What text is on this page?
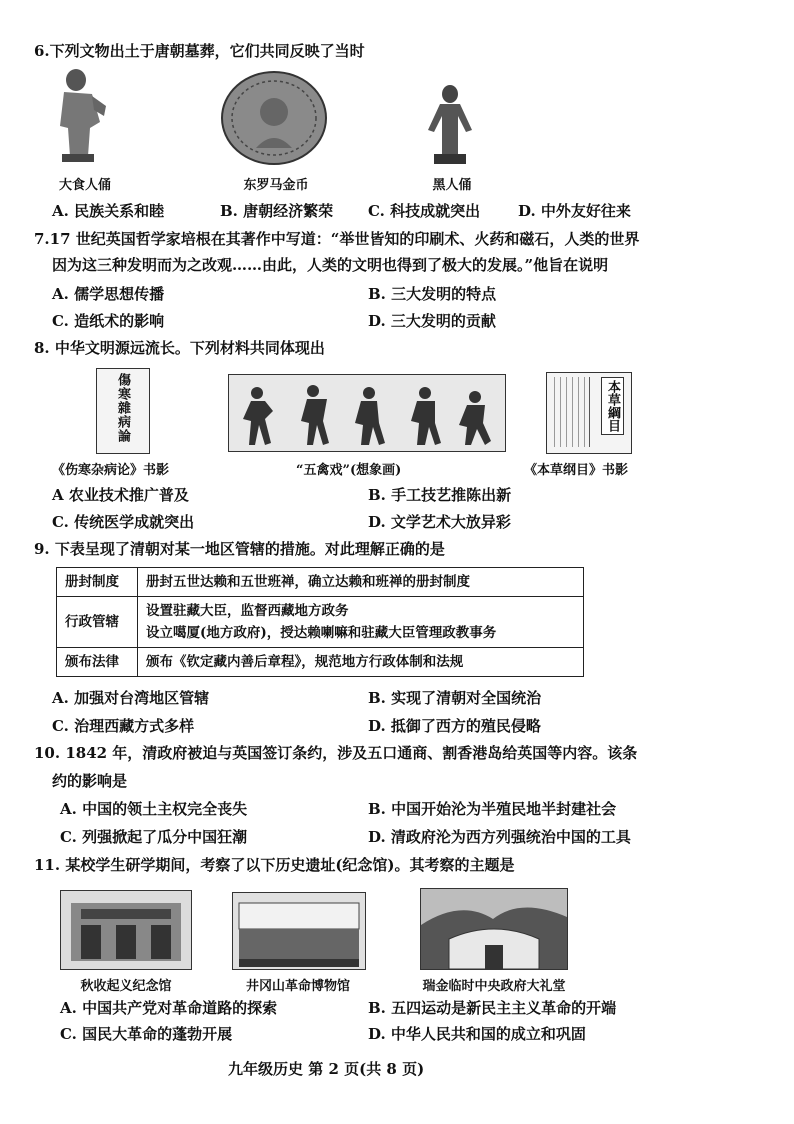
6.下列文物出土于唐朝墓葬，它们共同反映了当时
大食人俑	东罗马金币	黑人俑
A. 民族关系和睦	B. 唐朝经济繁荣 C. 科技成就突出	D. 中外友好往来
7.17 世纪英国哲学家培根在其著作中写道：“举世皆知的印刷术、火药和磁石，人类的世界
因为这三种发明而为之改观……由此，人类的文明也得到了极大的发展。”他旨在说明
A. 儒学思想传播	B. 三大发明的特点
C. 造纸术的影响	D. 三大发明的贡献
8. 中华文明源远流长。下列材料共同体现出
傷寒雜病論	本草綱目
《伤寒杂病论》书影	“五禽戏”(想象画)	《本草纲目》书影
A 农业技术推广普及	B. 手工技艺推陈出新
C. 传统医学成就突出	D. 文学艺术大放异彩
9. 下表呈现了清朝对某一地区管辖的措施。对此理解正确的是
册封制度	册封五世达赖和五世班禅，确立达赖和班禅的册封制度
行政管辖	设置驻藏大臣，监督西藏地方政务
设立噶厦(地方政府)，授达赖喇嘛和驻藏大臣管理政教事务

颁布法律	颁布《钦定藏内善后章程》，规范地方行政体制和法规
A. 加强对台湾地区管辖	B. 实现了清朝对全国统治
C. 治理西藏方式多样	D. 抵御了西方的殖民侵略
10. 1842 年，清政府被迫与英国签订条约，涉及五口通商、割香港岛给英国等内容。该条
约的影响是
A. 中国的领土主权完全丧失	B. 中国开始沦为半殖民地半封建社会
C. 列强掀起了瓜分中国狂潮	D. 清政府沦为西方列强统治中国的工具
11. 某校学生研学期间，考察了以下历史遗址(纪念馆)。其考察的主题是
秋收起义纪念馆	井冈山革命博物馆	瑞金临时中央政府大礼堂
A. 中国共产党对革命道路的探索	B. 五四运动是新民主主义革命的开端
C. 国民大革命的蓬勃开展	D. 中华人民共和国的成立和巩固
九年级历史 第 2 页(共 8 页)
